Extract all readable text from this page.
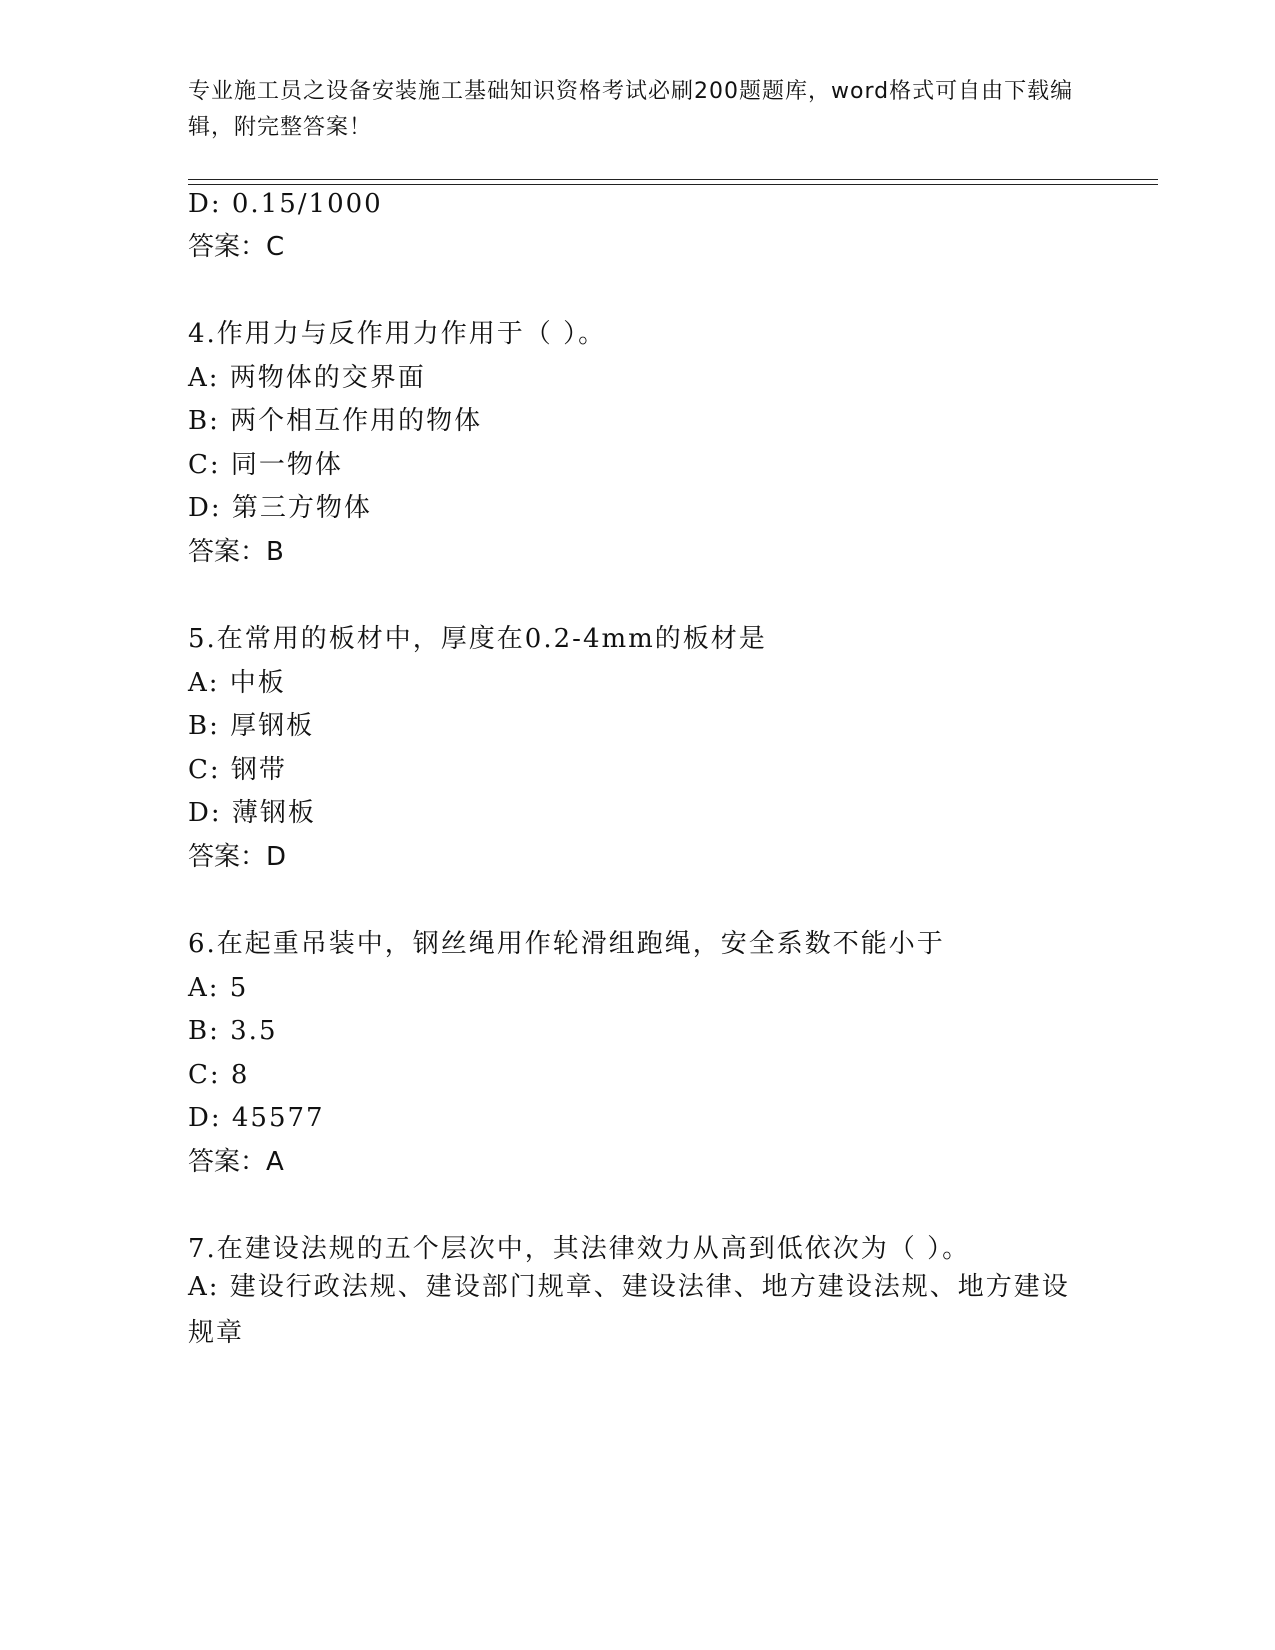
专业施工员之设备安装施工基础知识资格考试必刷200题题库，word格式可自由下载编辑，附完整答案！
D: 0.15/1000
答案：C
4.作用力与反作用力作用于（ ）。
A: 两物体的交界面
B: 两个相互作用的物体
C: 同一物体
D: 第三方物体
答案：B
5.在常用的板材中，厚度在0.2-4mm的板材是
A: 中板
B: 厚钢板
C: 钢带
D: 薄钢板
答案：D
6.在起重吊装中，钢丝绳用作轮滑组跑绳，安全系数不能小于
A: 5
B: 3.5
C: 8
D: 45577
答案：A
7.在建设法规的五个层次中，其法律效力从高到低依次为（ ）。
A: 建设行政法规、建设部门规章、建设法律、地方建设法规、地方建设规章
